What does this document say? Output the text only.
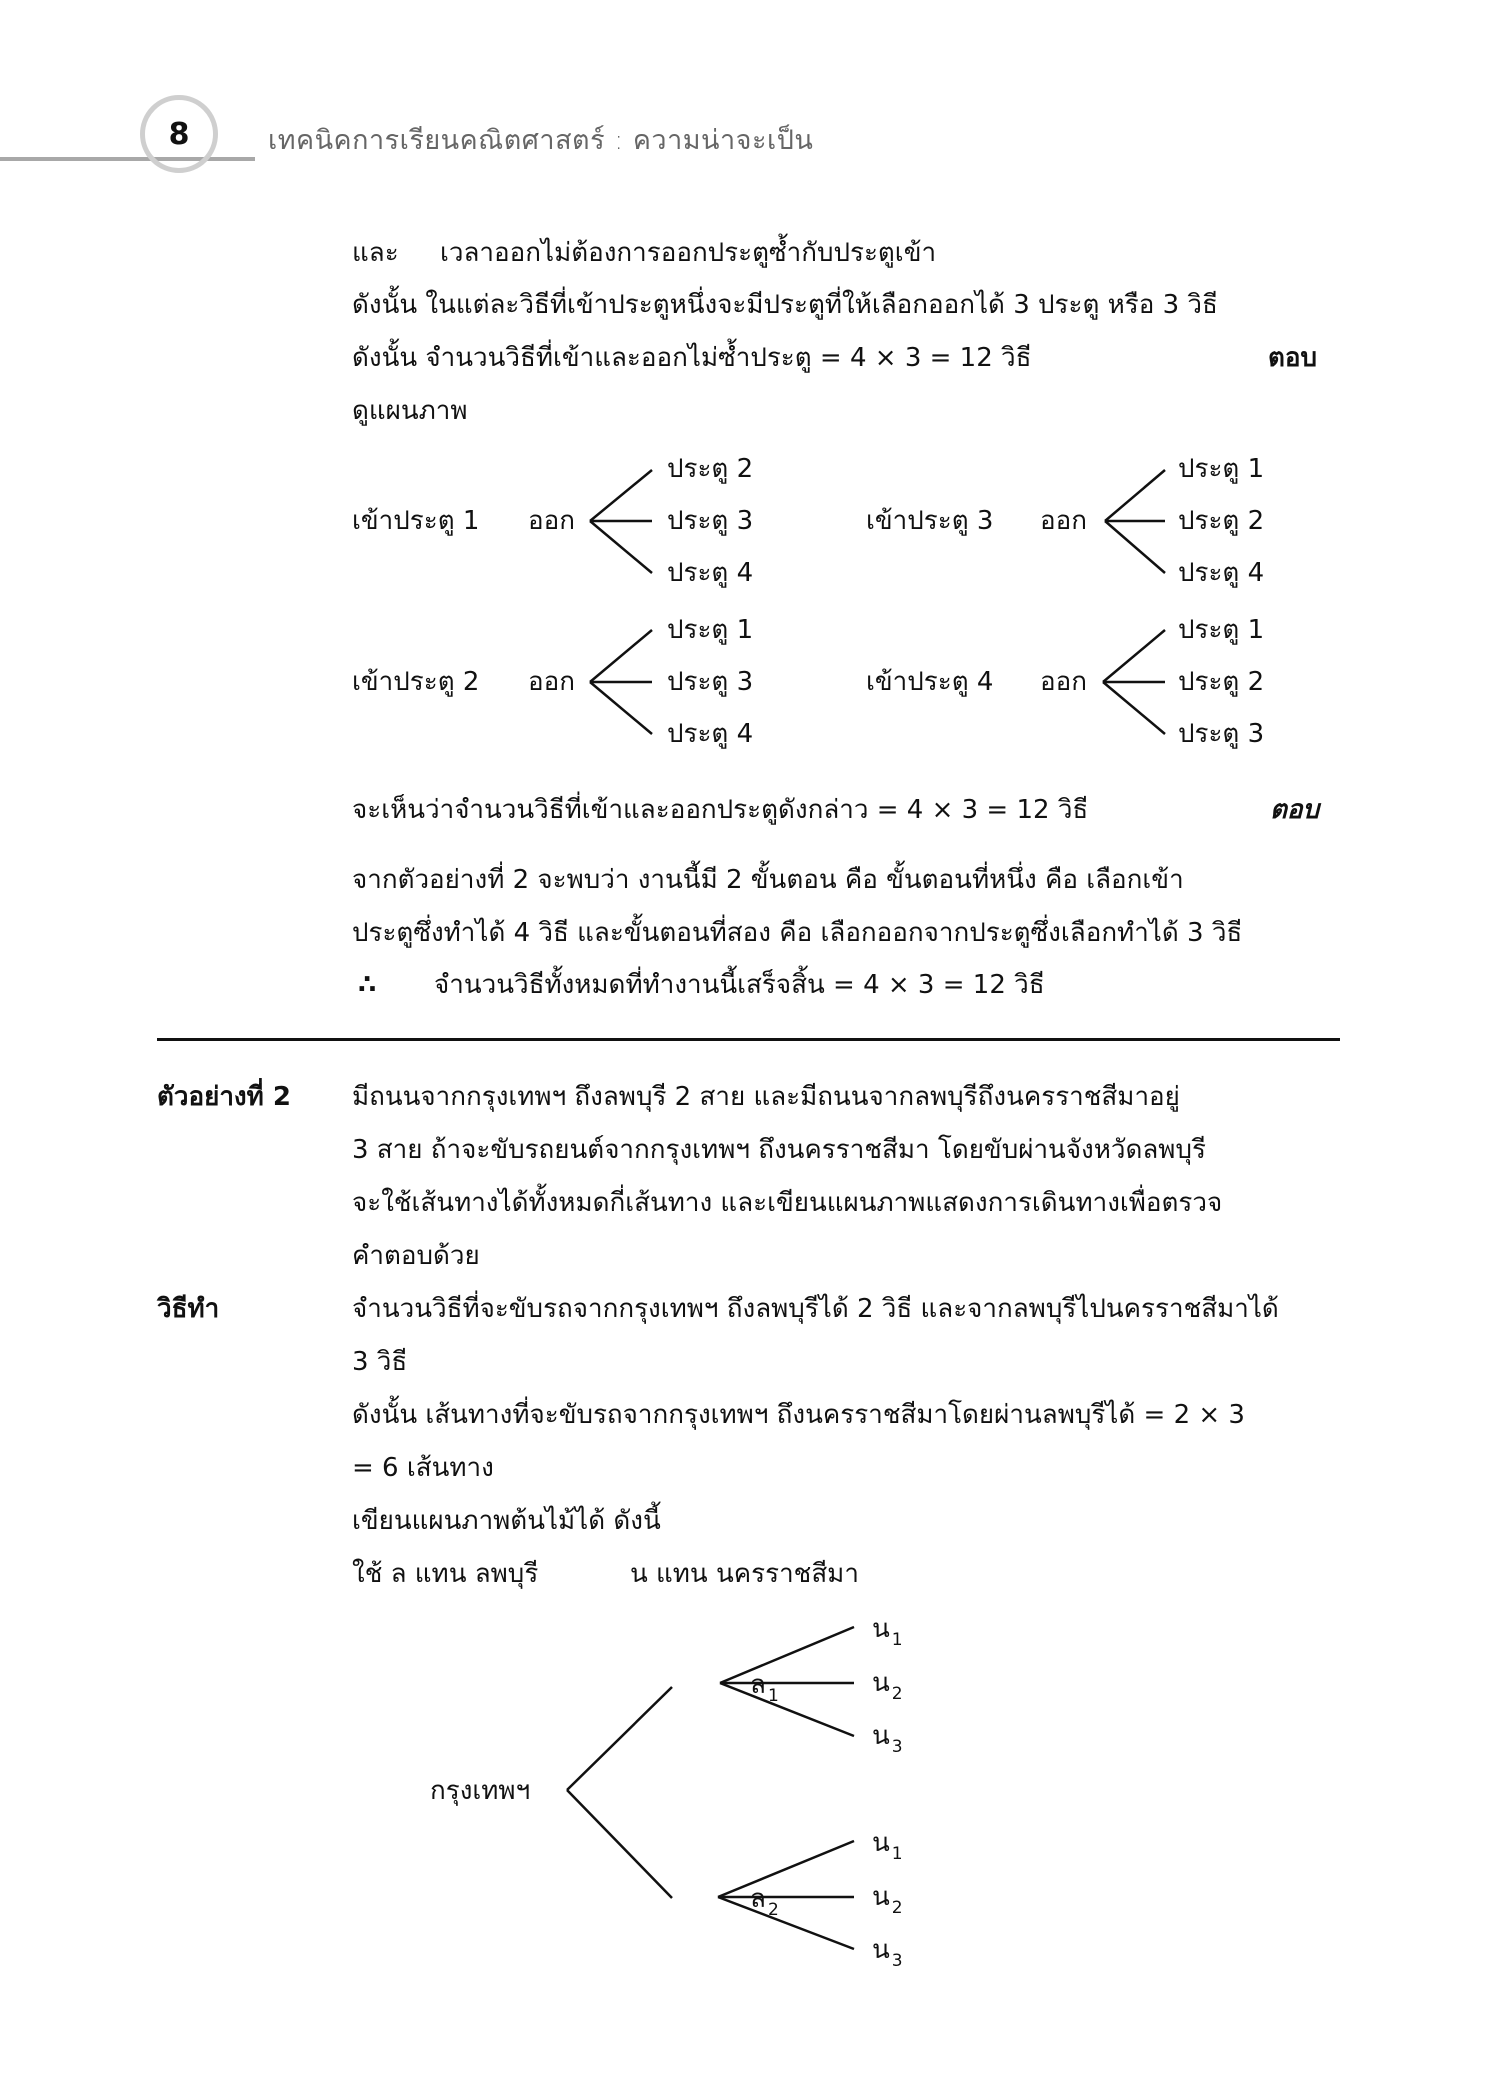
8	เทคนิคการเรียนคณิตศาสตร์ : ความน่าจะเป็น
และ เวลาออกไม่ต้องการออกประตูซ้ำกับประตูเข้า
ดังนั้น ในแต่ละวิธีที่เข้าประตูหนึ่งจะมีประตูที่ให้เลือกออกได้ 3 ประตู หรือ 3 วิธี
ดังนั้น จำนวนวิธีที่เข้าและออกไม่ซ้ำประตู = 4 × 3 = 12 วิธี	ตอบ
ดูแผนภาพ
เข้าประตู 1 ออก
ประตู 2
ประตู 3
ประตู 4
เข้าประตู 3 ออก
ประตู 1
ประตู 2
ประตู 4
เข้าประตู 2 ออก
ประตู 1
ประตู 3
ประตู 4
เข้าประตู 4 ออก
ประตู 1
ประตู 2
ประตู 3
จะเห็นว่าจำนวนวิธีที่เข้าและออกประตูดังกล่าว = 4 × 3 = 12 วิธี	ตอบ
จากตัวอย่างที่ 2 จะพบว่า งานนี้มี 2 ขั้นตอน คือ ขั้นตอนที่หนึ่ง คือ เลือกเข้า
ประตูซึ่งทำได้ 4 วิธี และขั้นตอนที่สอง คือ เลือกออกจากประตูซึ่งเลือกทำได้ 3 วิธี
∴ จำนวนวิธีทั้งหมดที่ทำงานนี้เสร็จสิ้น = 4 × 3 = 12 วิธี
ตัวอย่างที่ 2 มีถนนจากกรุงเทพฯ ถึงลพบุรี 2 สาย และมีถนนจากลพบุรีถึงนครราชสีมาอยู่
3 สาย ถ้าจะขับรถยนต์จากกรุงเทพฯ ถึงนครราชสีมา โดยขับผ่านจังหวัดลพบุรี
จะใช้เส้นทางได้ทั้งหมดกี่เส้นทาง และเขียนแผนภาพแสดงการเดินทางเพื่อตรวจ
คำตอบด้วย
วิธีทำ	จำนวนวิธีที่จะขับรถจากกรุงเทพฯ ถึงลพบุรีได้ 2 วิธี และจากลพบุรีไปนครราชสีมาได้
3 วิธี
ดังนั้น เส้นทางที่จะขับรถจากกรุงเทพฯ ถึงนครราชสีมาโดยผ่านลพบุรีได้ = 2 × 3
= 6 เส้นทาง
เขียนแผนภาพต้นไม้ได้ ดังนี้
ใช้ ล แทน ลพบุรี	น แทน นครราชสีมา
กรุงเทพฯ
ล $_1$
ล $_2$
น $_1$
น $_2$
น $_3$
น $_1$
น $_2$
น $_3$
